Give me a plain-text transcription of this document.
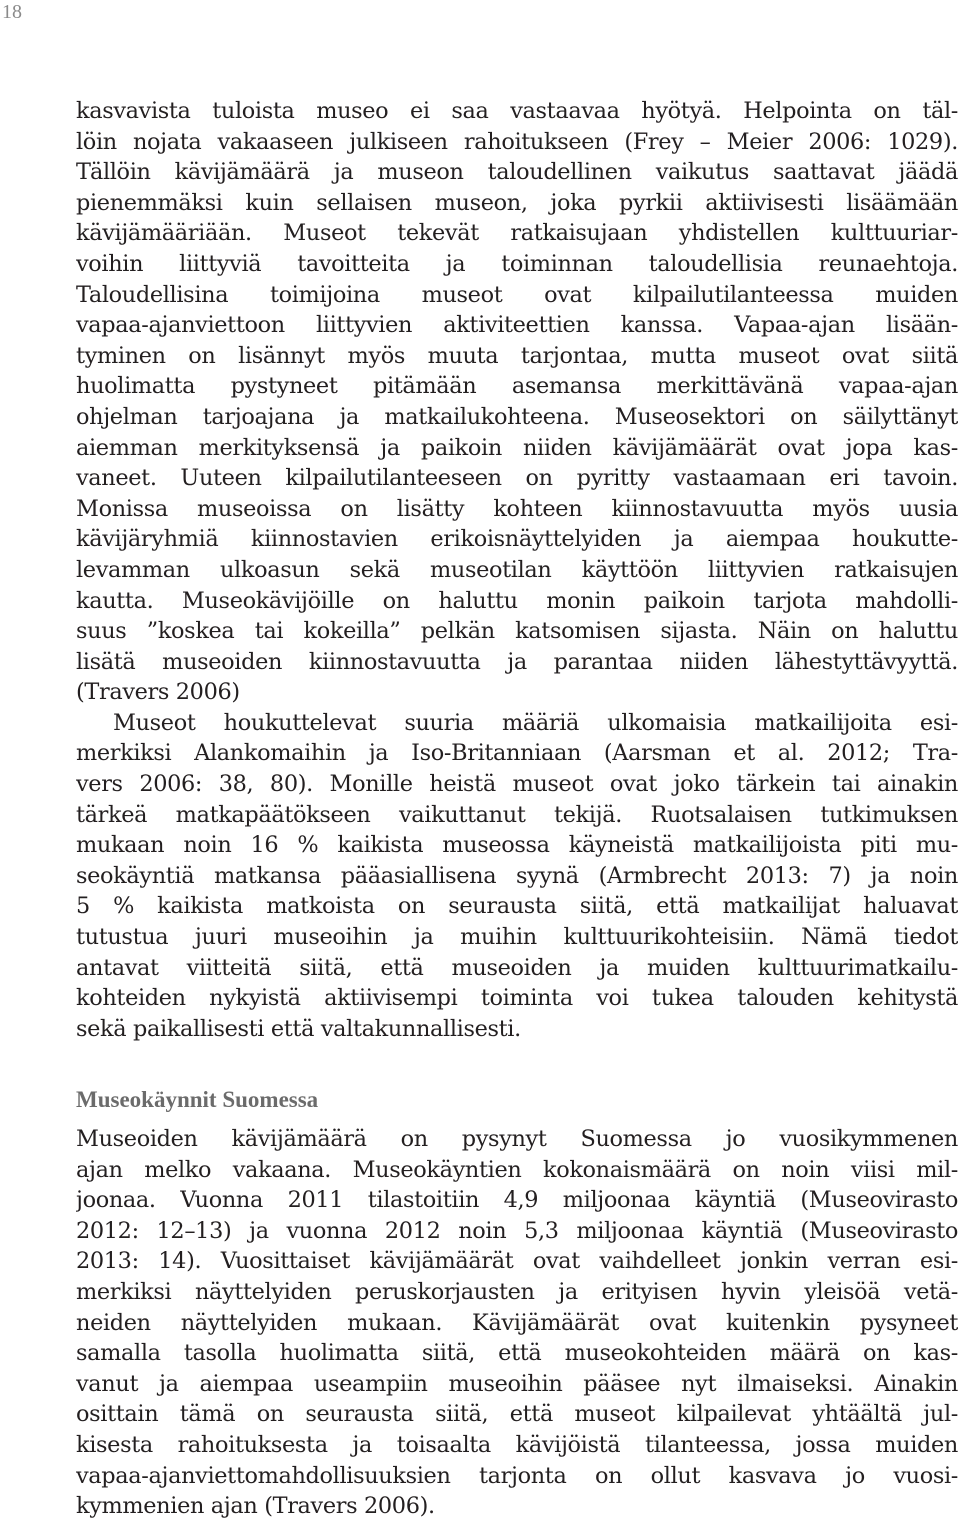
18
kasvavista tuloista museo ei saa vastaavaa hyötyä. Helpointa on täl-
löin nojata vakaaseen julkiseen rahoitukseen (Frey – Meier 2006: 1029).
Tällöin kävijämäärä ja museon taloudellinen vaikutus saattavat jäädä
pienemmäksi kuin sellaisen museon, joka pyrkii aktiivisesti lisäämään
kävijämääriään. Museot tekevät ratkaisujaan yhdistellen kulttuuriar-
voihin liittyviä tavoitteita ja toiminnan taloudellisia reunaehtoja.
Taloudellisina toimijoina museot ovat kilpailutilanteessa muiden
vapaa-ajanviettoon liittyvien aktiviteettien kanssa. Vapaa-ajan lisään-
tyminen on lisännyt myös muuta tarjontaa, mutta museot ovat siitä
huolimatta pystyneet pitämään asemansa merkittävänä vapaa-ajan
ohjelman tarjoajana ja matkailukohteena. Museosektori on säilyttänyt
aiemman merkityksensä ja paikoin niiden kävijämäärät ovat jopa kas-
vaneet. Uuteen kilpailutilanteeseen on pyritty vastaamaan eri tavoin.
Monissa museoissa on lisätty kohteen kiinnostavuutta myös uusia
kävijäryhmiä kiinnostavien erikoisnäyttelyiden ja aiempaa houkutte-
levamman ulkoasun sekä museotilan käyttöön liittyvien ratkaisujen
kautta. Museokävijöille on haluttu monin paikoin tarjota mahdolli-
suus ”koskea tai kokeilla” pelkän katsomisen sijasta. Näin on haluttu
lisätä museoiden kiinnostavuutta ja parantaa niiden lähestyttävyyttä.
(Travers 2006)
Museot houkuttelevat suuria määriä ulkomaisia matkailijoita esi-
merkiksi Alankomaihin ja Iso-Britanniaan (Aarsman et al. 2012; Tra-
vers 2006: 38, 80). Monille heistä museot ovat joko tärkein tai ainakin
tärkeä matkapäätökseen vaikuttanut tekijä. Ruotsalaisen tutkimuksen
mukaan noin 16 % kaikista museossa käyneistä matkailijoista piti mu-
seokäyntiä matkansa pääasiallisena syynä (Armbrecht 2013: 7) ja noin
5 % kaikista matkoista on seurausta siitä, että matkailijat haluavat
tutustua juuri museoihin ja muihin kulttuurikohteisiin. Nämä tiedot
antavat viitteitä siitä, että museoiden ja muiden kulttuurimatkailu-
kohteiden nykyistä aktiivisempi toiminta voi tukea talouden kehitystä
sekä paikallisesti että valtakunnallisesti.
Museokäynnit Suomessa
Museoiden kävijämäärä on pysynyt Suomessa jo vuosikymmenen
ajan melko vakaana. Museokäyntien kokonaismäärä on noin viisi mil-
joonaa. Vuonna 2011 tilastoitiin 4,9 miljoonaa käyntiä (Museovirasto
2012: 12–13) ja vuonna 2012 noin 5,3 miljoonaa käyntiä (Museovirasto
2013: 14). Vuosittaiset kävijämäärät ovat vaihdelleet jonkin verran esi-
merkiksi näyttelyiden peruskorjausten ja erityisen hyvin yleisöä vetä-
neiden näyttelyiden mukaan. Kävijämäärät ovat kuitenkin pysyneet
samalla tasolla huolimatta siitä, että museokohteiden määrä on kas-
vanut ja aiempaa useampiin museoihin pääsee nyt ilmaiseksi. Ainakin
osittain tämä on seurausta siitä, että museot kilpailevat yhtäältä jul-
kisesta rahoituksesta ja toisaalta kävijöistä tilanteessa, jossa muiden
vapaa-ajanviettomahdollisuuksien tarjonta on ollut kasvava jo vuosi-
kymmenien ajan (Travers 2006).
